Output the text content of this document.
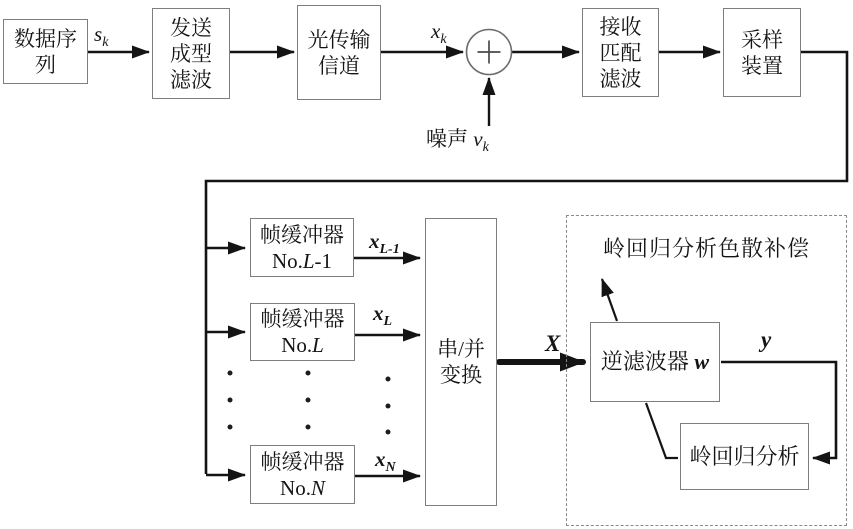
岭回归分析色散补偿
数据序
列
发送
成型
滤波
光传输
信道
接收
匹配
滤波
采样
装置
帧缓冲器
No.L-1
帧缓冲器
No.L
帧缓冲器
No.N
串/并
变换
逆滤波器 w
岭回归分析
$s_k$	$x_k$
噪声 $v_k$
$x_{L-1}$
$x_L$
$x_N$
X	y
